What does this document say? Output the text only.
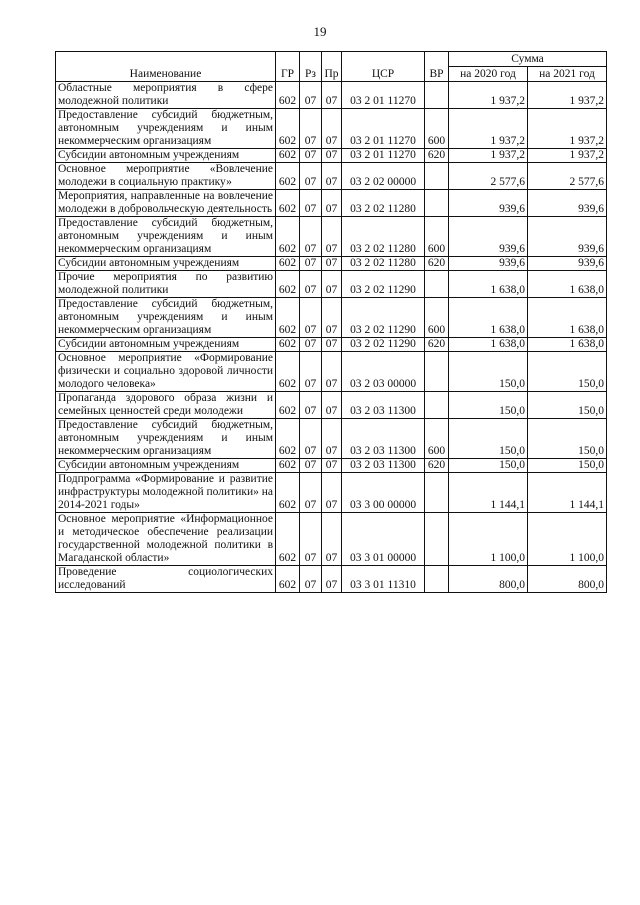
19
Наименование	ГР	Рз	Пр	ЦСР	ВР	Сумма	
						на 2020 год	на 2021 год
Областные мероприятия в сфере молодежной политики	602	07	07	03 2 01 11270		1 937,2	1 937,2
Предоставление субсидий бюджетным, автономным учреждениям и иным некоммерческим организациям	602	07	07	03 2 01 11270	600	1 937,2	1 937,2
Субсидии автономным учреждениям	602	07	07	03 2 01 11270	620	1 937,2	1 937,2
Основное мероприятие «Вовлечение молодежи в социальную практику»	602	07	07	03 2 02 00000		2 577,6	2 577,6
Мероприятия, направленные на вовлечение молодежи в добровольческую деятельность	602	07	07	03 2 02 11280		939,6	939,6
Предоставление субсидий бюджетным, автономным учреждениям и иным некоммерческим организациям	602	07	07	03 2 02 11280	600	939,6	939,6
Субсидии автономным учреждениям	602	07	07	03 2 02 11280	620	939,6	939,6
Прочие мероприятия по развитию молодежной политики	602	07	07	03 2 02 11290		1 638,0	1 638,0
Предоставление субсидий бюджетным, автономным учреждениям и иным некоммерческим организациям	602	07	07	03 2 02 11290	600	1 638,0	1 638,0
Субсидии автономным учреждениям	602	07	07	03 2 02 11290	620	1 638,0	1 638,0
Основное мероприятие «Формирование физически и социально здоровой личности молодого человека»	602	07	07	03 2 03 00000		150,0	150,0
Пропаганда здорового образа жизни и семейных ценностей среди молодежи	602	07	07	03 2 03 11300		150,0	150,0
Предоставление субсидий бюджетным, автономным учреждениям и иным некоммерческим организациям	602	07	07	03 2 03 11300	600	150,0	150,0
Субсидии автономным учреждениям	602	07	07	03 2 03 11300	620	150,0	150,0
Подпрограмма «Формирование и развитие инфраструктуры молодежной политики» на 2014-2021 годы»	602	07	07	03 3 00 00000		1 144,1	1 144,1
Основное мероприятие «Информационное и методическое обеспечение реализации государственной молодежной политики в Магаданской области»	602	07	07	03 3 01 00000		1 100,0	1 100,0
Проведение социологических исследований	602	07	07	03 3 01 11310		800,0	800,0
